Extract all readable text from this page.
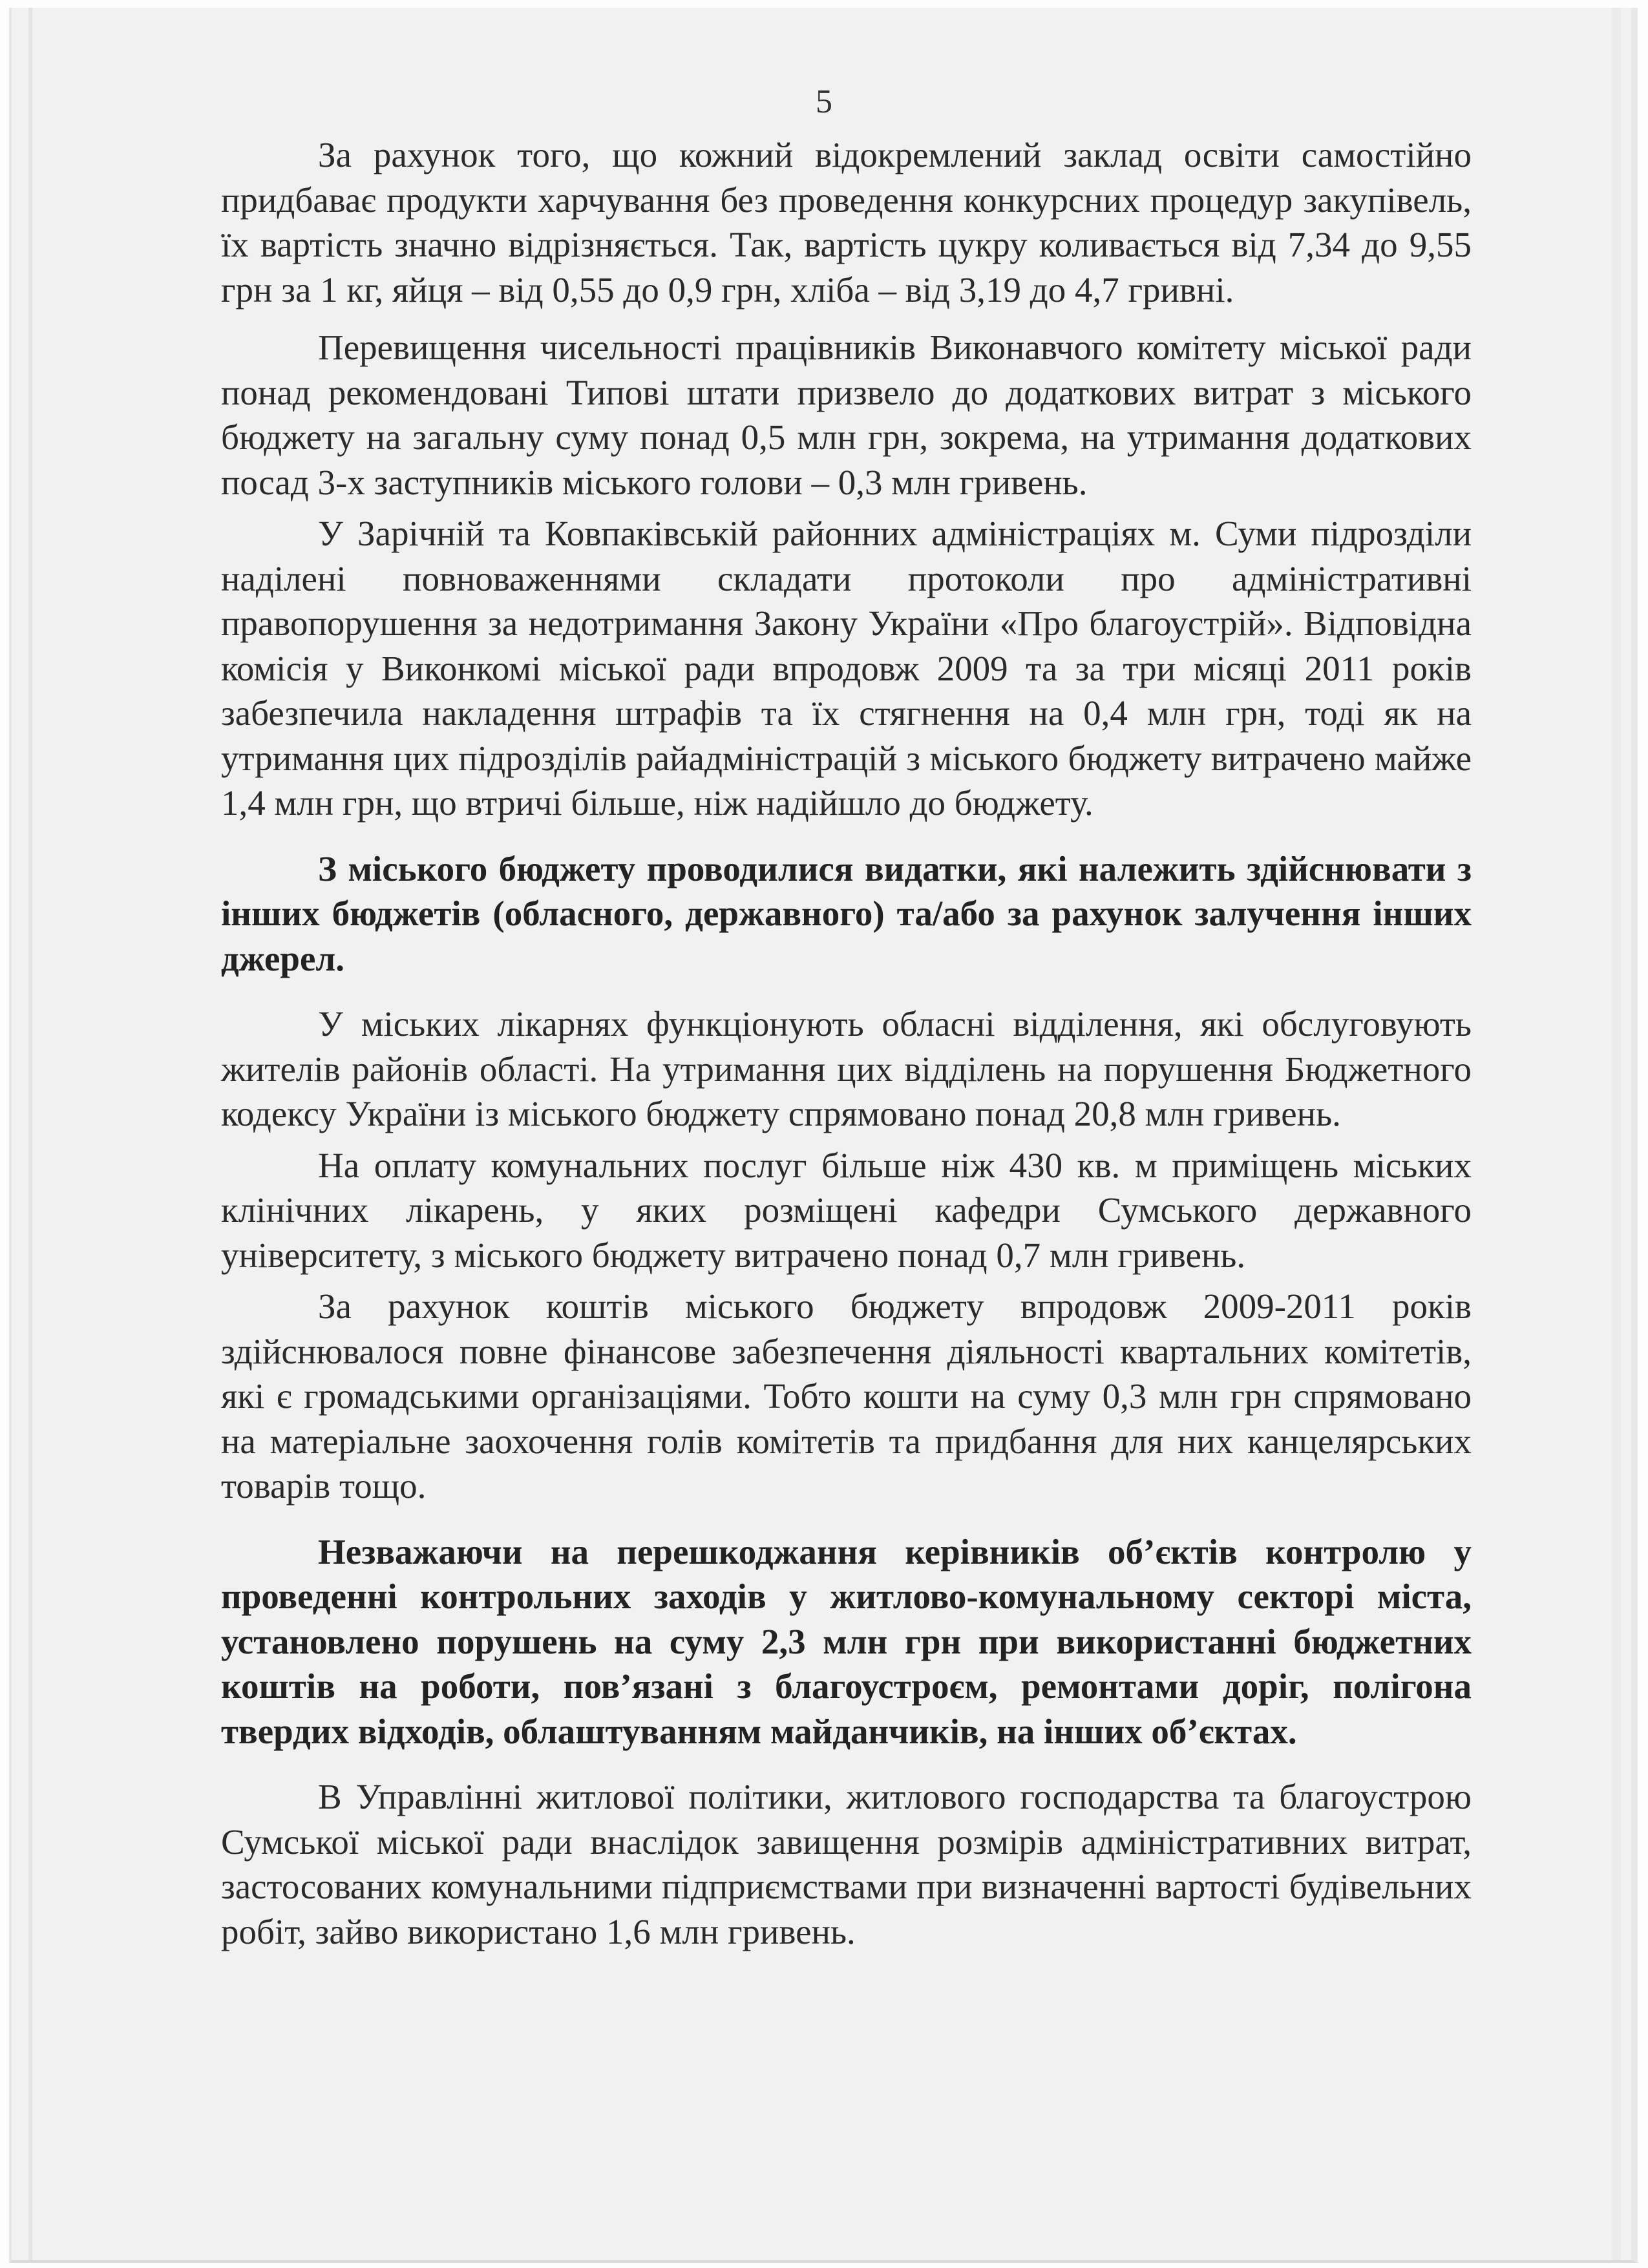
5

За рахунок того, що кожний відокремлений заклад освіти самостійно придбаває продукти харчування без проведення конкурсних процедур закупівель, їх вартість значно відрізняється. Так, вартість цукру коливається від 7,34 до 9,55 грн за 1 кг, яйця – від 0,55 до 0,9 грн, хліба – від 3,19 до 4,7 гривні.

Перевищення чисельності працівників Виконавчого комітету міської ради понад рекомендовані Типові штати призвело до додаткових витрат з міського бюджету на загальну суму понад 0,5 млн грн, зокрема, на утримання додаткових посад 3-х заступників міського голови – 0,3 млн гривень.

У Зарічній та Ковпаківській районних адміністраціях м. Суми підрозділи наділені повноваженнями складати протоколи про адміністративні правопорушення за недотримання Закону України «Про благоустрій». Відповідна комісія у Виконкомі міської ради впродовж 2009 та за три місяці 2011 років забезпечила накладення штрафів та їх стягнення на 0,4 млн грн, тоді як на утримання цих підрозділів райадміністрацій з міського бюджету витрачено майже 1,4 млн грн, що втричі більше, ніж надійшло до бюджету.

З міського бюджету проводилися видатки, які належить здійснювати з інших бюджетів (обласного, державного) та/або за рахунок залучення інших джерел.

У міських лікарнях функціонують обласні відділення, які обслуговують жителів районів області. На утримання цих відділень на порушення Бюджетного кодексу України із міського бюджету спрямовано понад 20,8 млн гривень.

На оплату комунальних послуг більше ніж 430 кв. м приміщень міських клінічних лікарень, у яких розміщені кафедри Сумського державного університету, з міського бюджету витрачено понад 0,7 млн гривень.

За рахунок коштів міського бюджету впродовж 2009-2011 років здійснювалося повне фінансове забезпечення діяльності квартальних комітетів, які є громадськими організаціями. Тобто кошти на суму 0,3 млн грн спрямовано на матеріальне заохочення голів комітетів та придбання для них канцелярських товарів тощо.

Незважаючи на перешкоджання керівників об’єктів контролю у проведенні контрольних заходів у житлово-комунальному секторі міста, установлено порушень на суму 2,3 млн грн при використанні бюджетних коштів на роботи, пов’язані з благоустроєм, ремонтами доріг, полігона твердих відходів, облаштуванням майданчиків, на інших об’єктах.

В Управлінні житлової політики, житлового господарства та благоустрою Сумської міської ради внаслідок завищення розмірів адміністративних витрат, застосованих комунальними підприємствами при визначенні вартості будівельних робіт, зайво використано 1,6 млн гривень.
